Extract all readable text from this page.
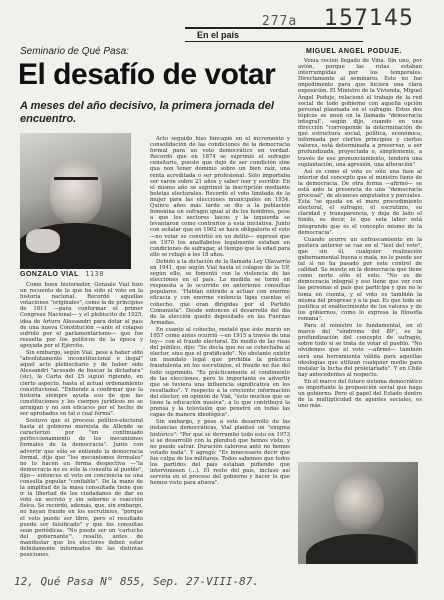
277a 157145
En el país
Seminario de Qué Pasa:
El desafío de votar
A meses del año decisivo, la primera jornada del encuentro.
GONZALO VIAL 1130

Como buen historiador, Gonzalo Vial hizo un recuento de lo que ha sido el voto en la historia nacional. Recordó aquellas votaciones "originales", como la de principios de 1811 —para conformar el primer Congreso Nacional— y el plebiscito de 1925, idea de Arturo Alessandri para dotar al país de una nueva Constitución —ante el colapso sufrido por el parlamentarismo— que fue resuelta por los políticos de la época y apoyada por el Ejército.

Sin embargo, según Vial, pese a haber sido "absolutamente inconstitucional e ilegal" aquel acto plebiscitario y de haber sido Alessandri "acusado de buscar la dictadura" (sic), la Carta del 25 siguió rigiendo, en cierto aspecto, hasta el actual ordenamiento constitucional. "Entiende a confirmar que la historia siempre ayuda eso de que las constituciones y los cuerpos jurídicos no se arraigan y no son eficaces por el hecho de ser aprobados en tal o cual forma".

Sostuvo que el proceso político-electoral hasta el gobierno marxista de Allende se caracterizó por "un continuado perfeccionamiento de los mecanismos formales de la democracia". Junto con advertir que sólo se entiende la democracia formal, dijo que "los mecanismos formales" no lo hacen en forma despectiva —"la democracia no es sólo la consulta al pueblo", dijo— entonces el voto en conciencia es una consulta popular "confiable". De la mano de la amplitud de la masa consultada tiene que ir la libertad de los ciudadanos de dar su voto en secreto y sin soborno o coacción física. Se recordó, además, que, sin embargo, no hayan fraude en los escrutinios, "porque el voto puede ser libre, pero el resultado puede ser falsificado" y que los consultas sean periódicas. "No puede ser un 'cartucho del gobernante'", resaltó, antes de manifestar que los electores deben estar debidamente informados de las distintas posiciones.

Acto seguido hizo hincapié en el incremento y consolidación de las condiciones de la democracia formal para un voto democrático en verdad. Recordó que en 1874 se suprimió el sufragio censitario, puesto que dejó de ser condición sine qua non tener dominio sobre un bien raíz, una renta acreditada o ser profesional. Sólo importaba ser varón sobre 21 años y saber leer y escribir. En el mismo año se suprimió la inscripción mediante boletas electorales. Recordó el voto limitado de la mujer para las elecciones municipales en 1934. Quince años más tarde se dio a la población femenina un sufragio igual al de los hombres, pese a que los sectores laicos y la izquierda se levantaron como contrarios a esta iniciativa. Junto con señalar que en 1962 se hace obligatorio el voto —no votar se convirtió en un delito— expresó que en 1970 los analfabetos legalmente estaban en condiciones de sufragar, al tiempo que la edad para ello se rebajó a los 18 años.

Debido a la dictación de la llamada Ley Olavarría en 1941, que según Vial hasta el colapso de la UP, según ello, se fomentó con la violencia de las elecciones en el país. La medida se tornó en respuesta a lo ocurrido en anteriores consultas populares. "Habían entrado a actuar con enorme eficacia y con enorme violencia ligas cuentas el cohecho, que eran dirigidas por el Partido Comunista". Desde entonces el desarrollo del día de la elección quedó depositado en las Fuerzas Armadas.

En cuanto al cohecho, restaló que éste murió en 1957 como antes ocurrió —en 1915 a través de una ley— con el fraude electoral. En medio de las risas del público, dijo: "Se decía que no se cohechaba al elector, sino que el gratificado". No obstante existir un mandato legal que prohibía la práctica fraudulenta en los escrutinios, el fraude no fue del todo suprimido. "Es prácticamente el condimento de las elecciones, pero lo importante es advertir que se tuviera una influencia significativa en los resultados". Y respecto a la creciente información del elector, en opinión de Vial, "ésto muchos que se tiene la educación masiva", a lo que contribuyó la prensa y la televisión que penetró en todas las capas de manera ideológica".

Sin embargo, y pese a este desarrollo de las instancias democráticas, Vial planteó un "enigma histórico": "Por qué se derrumbó todo esto en 1973 si se desarrolló con la plenitud que hemos visto, y no puedo salvar. Duración calorosa ante no hemos votado nada". Y agregó: "Es innecesario decir que fue culpa de los militares. Todos sabemos que todos los partidos del país estaban pidiendo que interviniesen (...). El resto del país, incluso así serviría en el proceso del gobierno y hacer lo que hemos visto para afuera".

MIGUEL ANGEL PODUJE.

Venía recién llegado de Viña. Sin uno, por avión, porque las rutas estaban interrumpidas por los temporales. Directamente al seminario. Esto no fue impedimento para que hiciera una clara exposición. El Ministro de la Vivienda, Miguel Ángel Poduje, relacionó el trabajo de la red social de todo gobierno con aquella opción personal plasmada en el sufragio. Estos dos tópicos se unen en la llamada "democracia integral", según dijo, cuando en una dirección "corresponde la determinación de qué estructura social, política, económica, informada por ciertos principios y ciertos valores, está determinada a preservar, a ser profundizada, proyectada o, simplemente, a través de ese pronunciamiento, tenderá una suplantación, una agresión, una alteración".

Así es como el voto es sólo una fase al interior del concepto que el ministro tiene de la democracia. De otra forma —afirmó— se está ante la presencia de una "democracia procesal", de alcances amputados y parciales. Esta "se queda en el mero procedimiento electoral, el sufragio, el escrutinio, su claridad y transparencia, y deja de lado el fondo, es decir, lo que esta labor está integrando que es el concepto mismo de la democracia".

Cuando ocurre un enfrascamiento en la postura anterior se cae en el "test del voto", que sin él, cualquier realización gubernamental buena o mala, no lo puede ser tal si no ha pasado por este control de calidad. Se insiste en la democracia que tiene como norte sólo el voto. "No es de democracia integral y eso tiene que ver con las personas el país que participa y que no le toma en cuenta, y el voto es también la misma del progreso y a la paz. Es que todo se justifica el enaltecimiento de los valores y de los gobiernos, como lo expresa la filosofía romana".

Para el ministro lo fundamental, en el marco del "síndrome del 89", es la profundización del concepto de sufragio, sobre todo si se trata de votar el pueblo. "No olvidemos que el voto —afirmó— también será una herramienta válida para aquellas ideologías que utilizan cualquier medio para instalar la lucha del proletariado". Y en Chile hay antecedentes al respecto.

En el marco del futuro sistema democrático es importante la proposición social que haga un gobierno. Pero el papel del Estado dentro de la multiplicidad de agentes sociales, es uno más.

12, Qué Pasa N° 855, Sep. 27-VIII-87.
